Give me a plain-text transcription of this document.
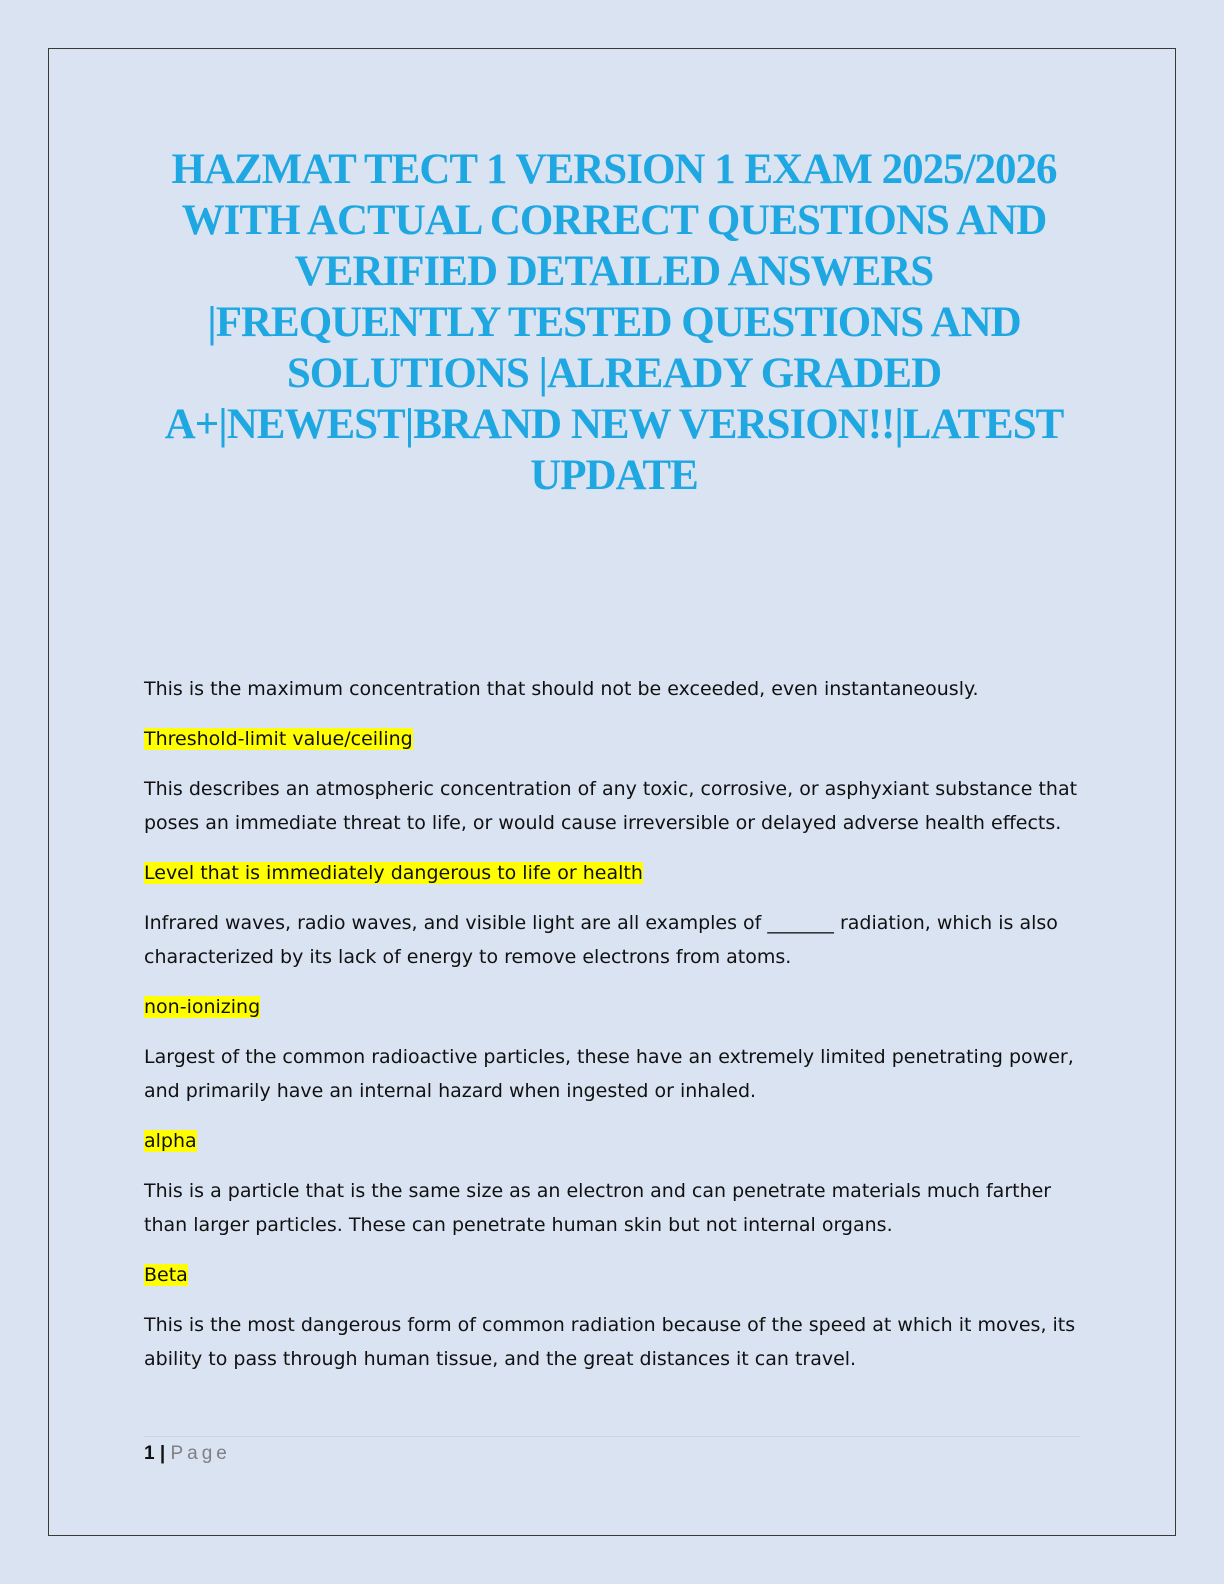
HAZMAT TECT 1 VERSION 1 EXAM 2025/2026 WITH ACTUAL CORRECT QUESTIONS AND VERIFIED DETAILED ANSWERS |FREQUENTLY TESTED QUESTIONS AND SOLUTIONS |ALREADY GRADED A+|NEWEST|BRAND NEW VERSION!!|LATEST UPDATE

This is the maximum concentration that should not be exceeded, even instantaneously.

Threshold-limit value/ceiling

This describes an atmospheric concentration of any toxic, corrosive, or asphyxiant substance that poses an immediate threat to life, or would cause irreversible or delayed adverse health effects.

Level that is immediately dangerous to life or health

Infrared waves, radio waves, and visible light are all examples of _______ radiation, which is also characterized by its lack of energy to remove electrons from atoms.

non-ionizing

Largest of the common radioactive particles, these have an extremely limited penetrating power, and primarily have an internal hazard when ingested or inhaled.

alpha

This is a particle that is the same size as an electron and can penetrate materials much farther than larger particles. These can penetrate human skin but not internal organs.

Beta

This is the most dangerous form of common radiation because of the speed at which it moves, its ability to pass through human tissue, and the great distances it can travel.

1 | Page
